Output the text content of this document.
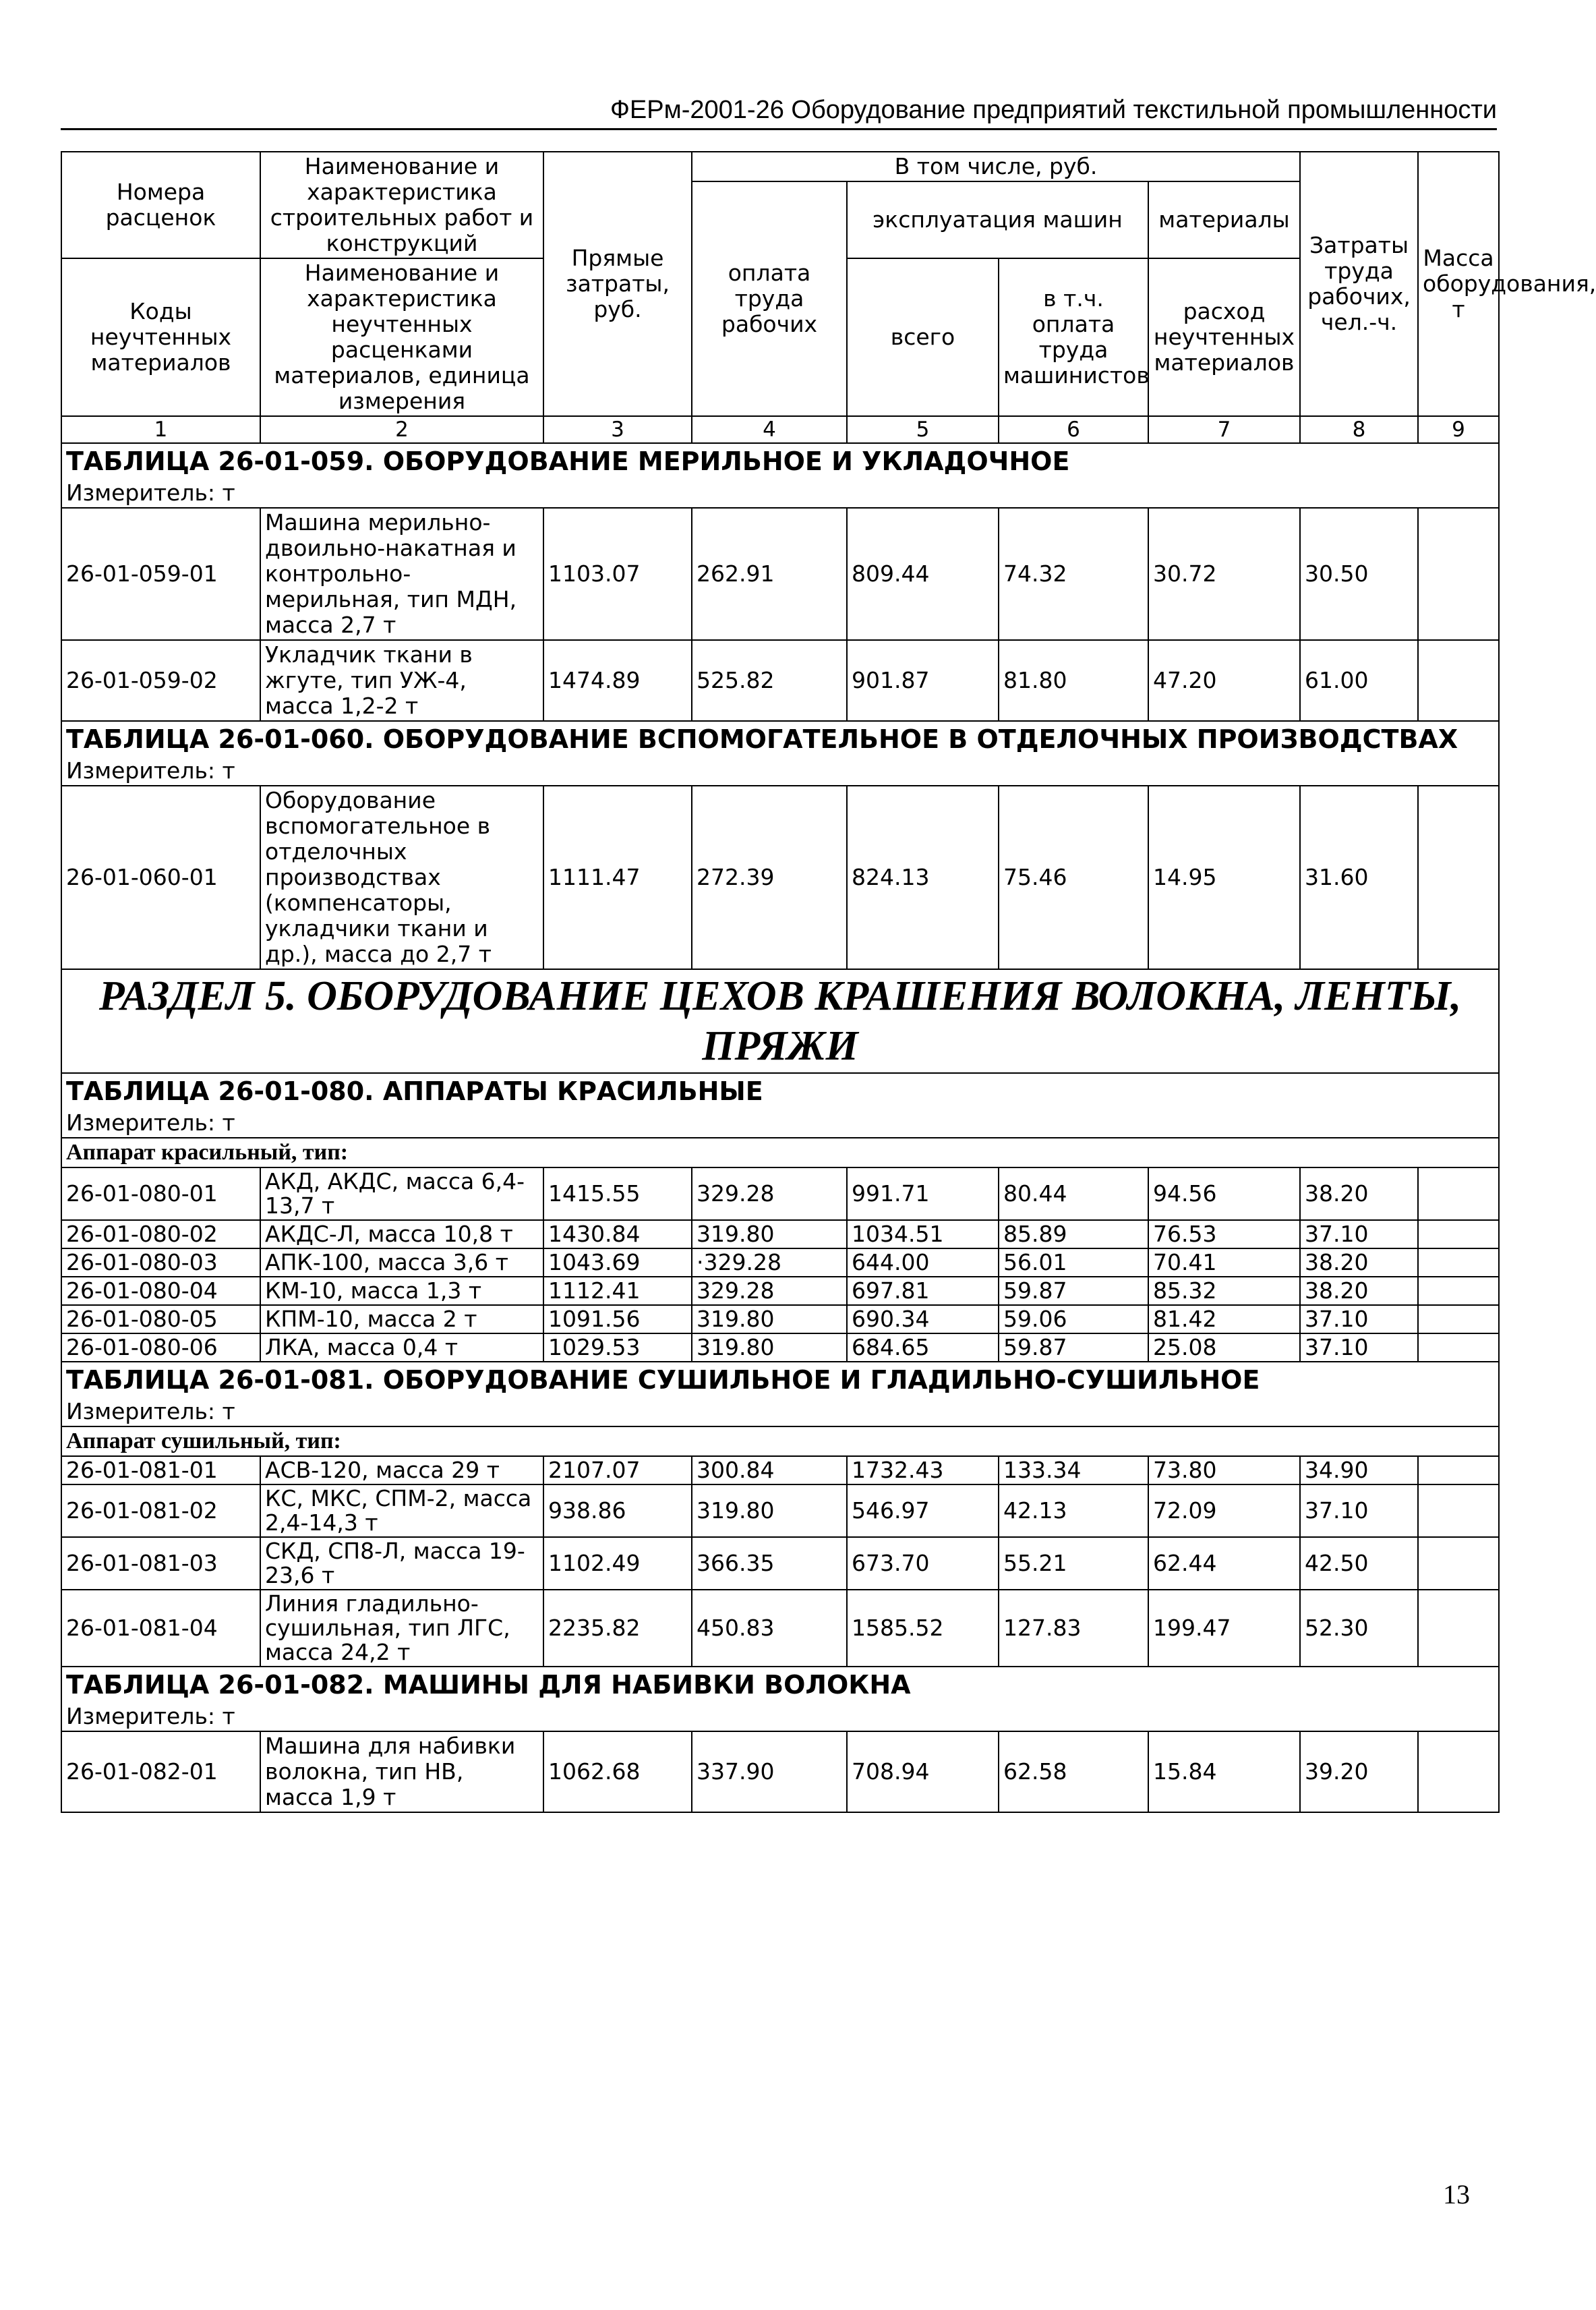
ФЕРм-2001-26 Оборудование предприятий текстильной промышленности
Номера расценок	Наименование и характеристика строительных работ и конструкций	Прямые затраты, руб.	В том числе, руб.				Затраты труда рабочих, чел.-ч.	Масса оборудования, т
			оплата труда рабочих	эксплуатация машин		материалы		

Коды неучтенных материалов	Наименование и характеристика неучтенных расценками материалов, единица измерения			всего	в т.ч. оплата труда машинистов	расход неучтенных материалов		

1	2	3	4	5	6	7	8	9
ТАБЛИЦА 26-01-059. ОБОРУДОВАНИЕ МЕРИЛЬНОЕ И УКЛАДОЧНОЕ								
Измеритель: т								
26-01-059-01	Машина мерильно-двоильно-накатная и контрольно-мерильная, тип МДН, масса 2,7 т	1103.07	262.91	809.44	74.32	30.72	30.50	
26-01-059-02	Укладчик ткани в жгуте, тип УЖ-4, масса 1,2-2 т	1474.89	525.82	901.87	81.80	47.20	61.00	
ТАБЛИЦА 26-01-060. ОБОРУДОВАНИЕ ВСПОМОГАТЕЛЬНОЕ В ОТДЕЛОЧНЫХ ПРОИЗВОДСТВАХ								
Измеритель: т								
26-01-060-01	Оборудование вспомогательное в отделочных производствах (компенсаторы, укладчики ткани и др.), масса до 2,7 т	1111.47	272.39	824.13	75.46	14.95	31.60	
РАЗДЕЛ 5. ОБОРУДОВАНИЕ ЦЕХОВ КРАШЕНИЯ ВОЛОКНА, ЛЕНТЫ, ПРЯЖИ								
ТАБЛИЦА 26-01-080. АППАРАТЫ КРАСИЛЬНЫЕ								
Измеритель: т								
Аппарат красильный, тип:								
26-01-080-01	АКД, АКДС, масса 6,4-13,7 т	1415.55	329.28	991.71	80.44	94.56	38.20	
26-01-080-02	АКДС-Л, масса 10,8 т	1430.84	319.80	1034.51	85.89	76.53	37.10	
26-01-080-03	АПК-100, масса 3,6 т	1043.69	·329.28	644.00	56.01	70.41	38.20	
26-01-080-04	КМ-10, масса 1,3 т	1112.41	329.28	697.81	59.87	85.32	38.20	
26-01-080-05	КПМ-10, масса 2 т	1091.56	319.80	690.34	59.06	81.42	37.10	
26-01-080-06	ЛКА, масса 0,4 т	1029.53	319.80	684.65	59.87	25.08	37.10	
ТАБЛИЦА 26-01-081. ОБОРУДОВАНИЕ СУШИЛЬНОЕ И ГЛАДИЛЬНО-СУШИЛЬНОЕ								
Измеритель: т								
Аппарат сушильный, тип:								
26-01-081-01	АСВ-120, масса 29 т	2107.07	300.84	1732.43	133.34	73.80	34.90	
26-01-081-02	КС, МКС, СПМ-2, масса 2,4-14,3 т	938.86	319.80	546.97	42.13	72.09	37.10	
26-01-081-03	СКД, СП8-Л, масса 19-23,6 т	1102.49	366.35	673.70	55.21	62.44	42.50	
26-01-081-04	Линия гладильно-сушильная, тип ЛГС, масса 24,2 т	2235.82	450.83	1585.52	127.83	199.47	52.30	
ТАБЛИЦА 26-01-082. МАШИНЫ ДЛЯ НАБИВКИ ВОЛОКНА								
Измеритель: т								
26-01-082-01	Машина для набивки волокна, тип НВ, масса 1,9 т	1062.68	337.90	708.94	62.58	15.84	39.20	
13
